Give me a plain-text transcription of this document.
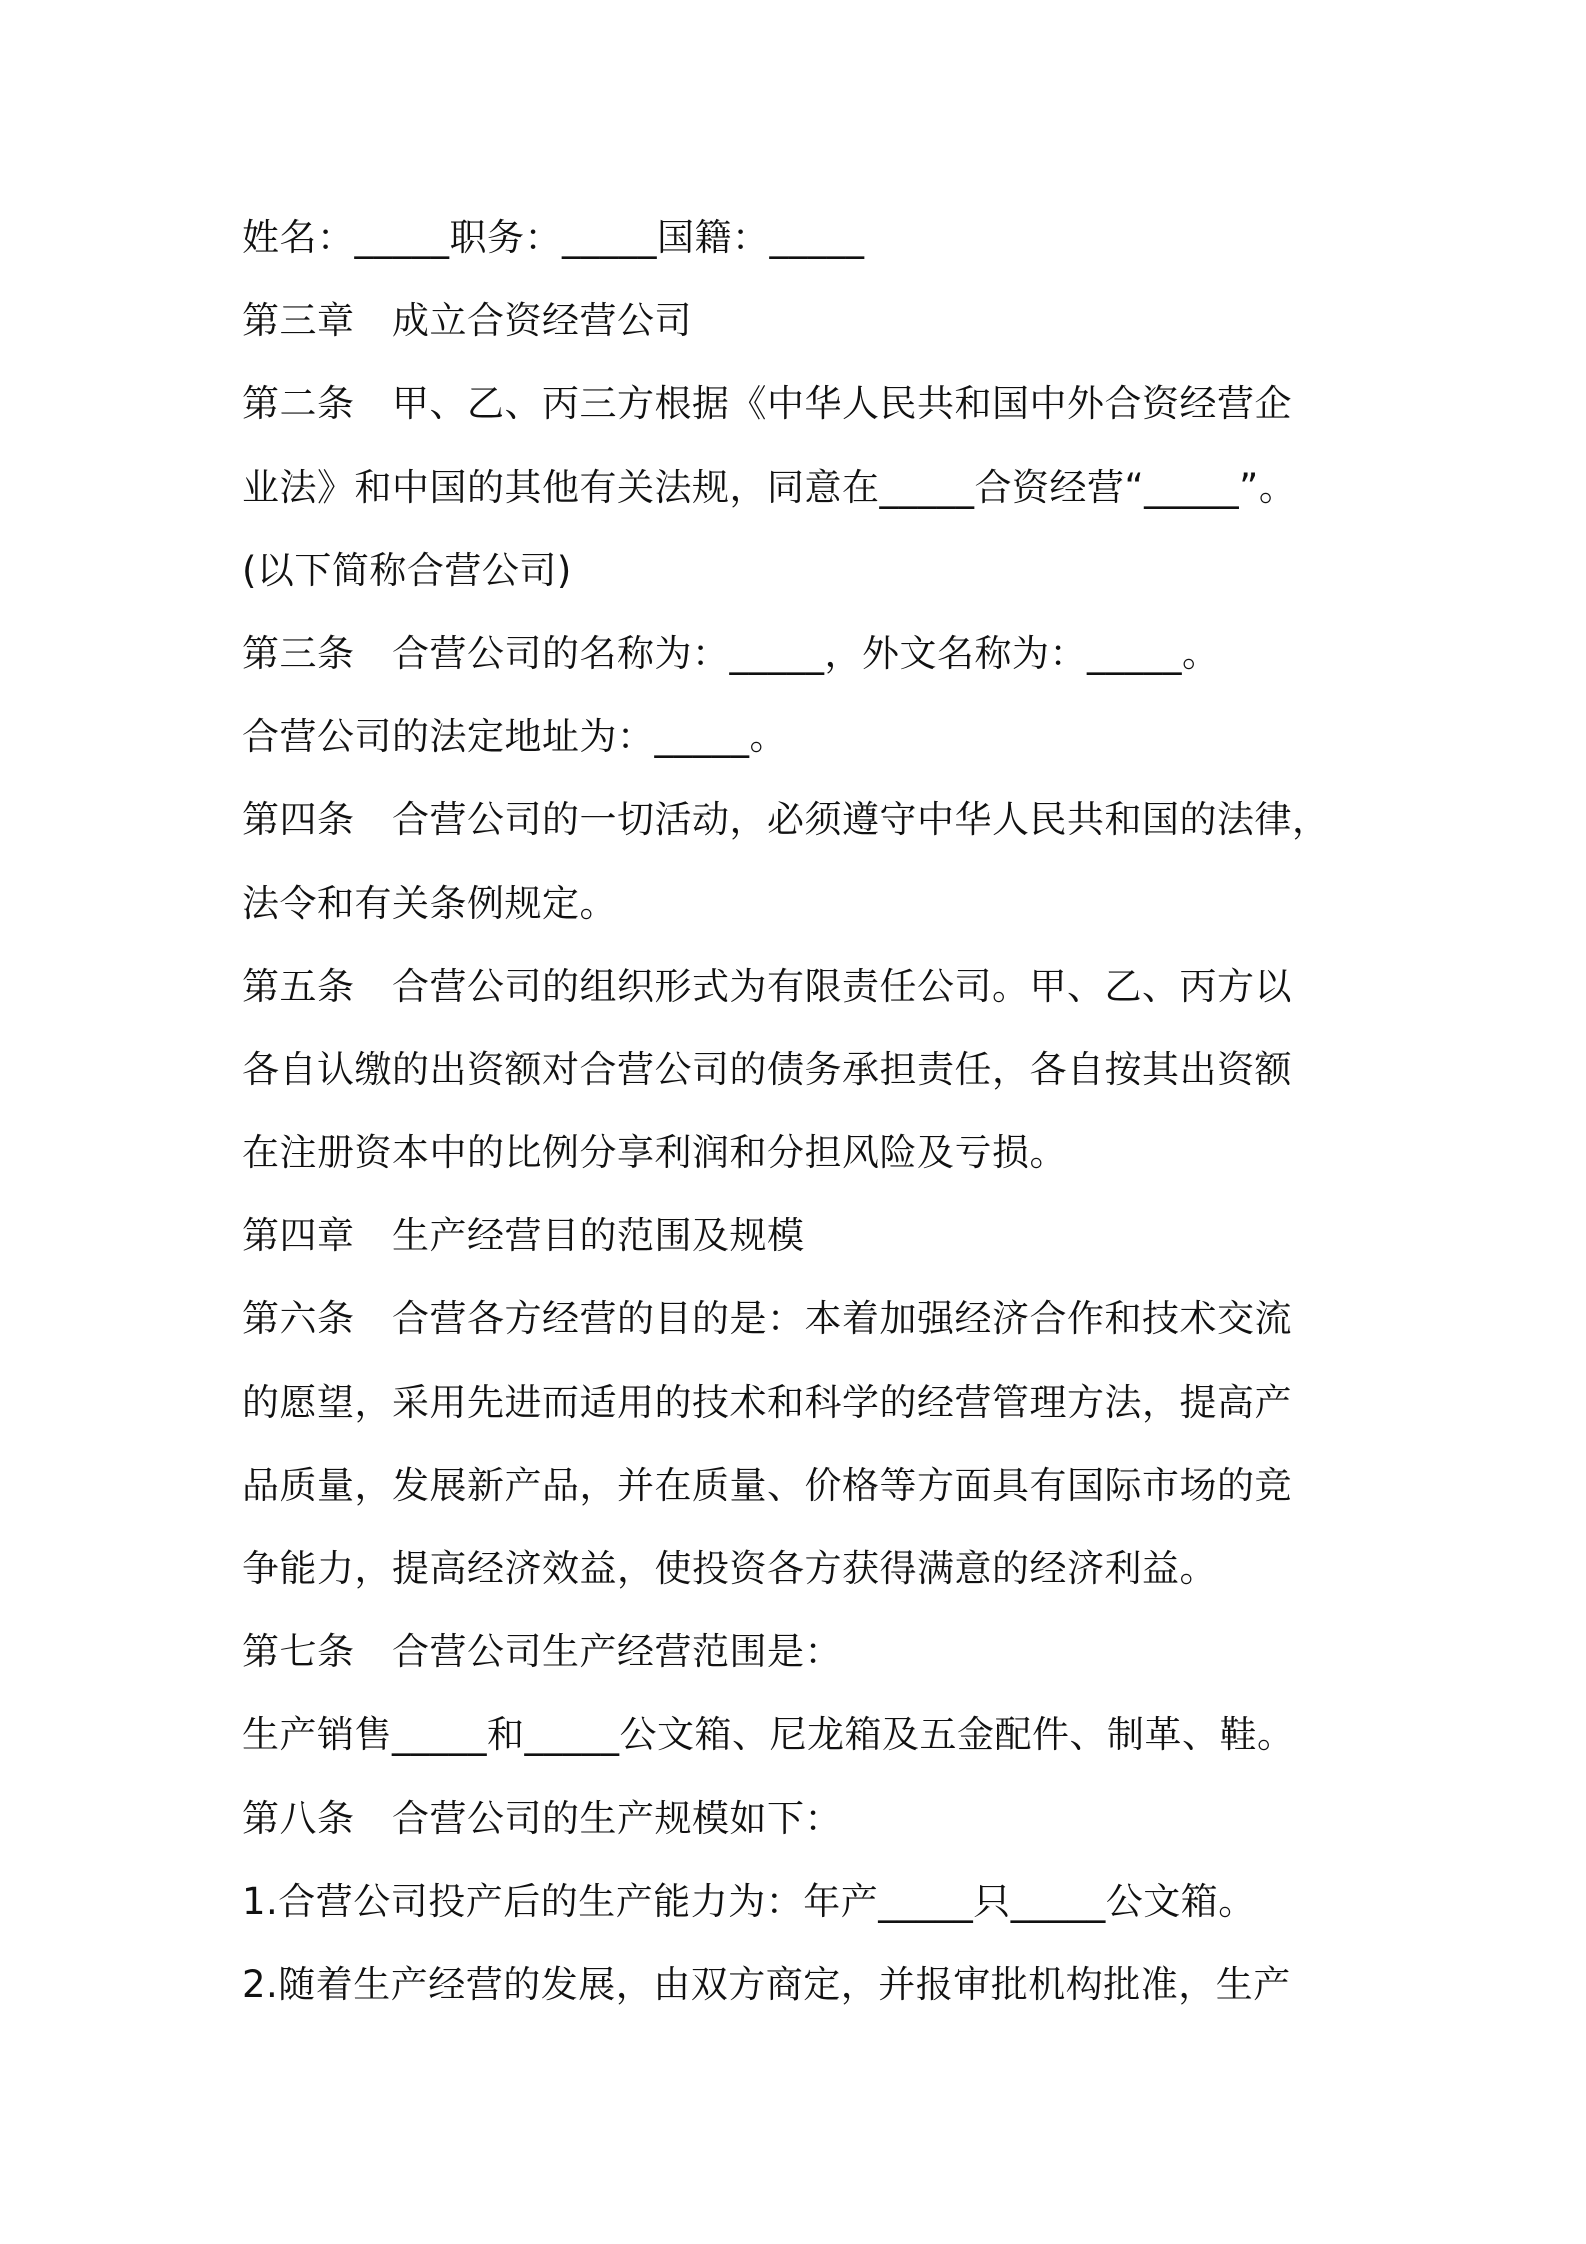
姓名：_____职务：_____国籍：_____
第三章　成立合资经营公司
第二条　甲、乙、丙三方根据《中华人民共和国中外合资经营企
业法》和中国的其他有关法规，同意在_____合资经营“_____”。
(以下简称合营公司)
第三条　合营公司的名称为：_____，外文名称为：_____。
合营公司的法定地址为：_____。
第四条　合营公司的一切活动，必须遵守中华人民共和国的法律，
法令和有关条例规定。
第五条　合营公司的组织形式为有限责任公司。甲、乙、丙方以
各自认缴的出资额对合营公司的债务承担责任，各自按其出资额
在注册资本中的比例分享利润和分担风险及亏损。
第四章　生产经营目的范围及规模
第六条　合营各方经营的目的是：本着加强经济合作和技术交流
的愿望，采用先进而适用的技术和科学的经营管理方法，提高产
品质量，发展新产品，并在质量、价格等方面具有国际市场的竞
争能力，提高经济效益，使投资各方获得满意的经济利益。
第七条　合营公司生产经营范围是：
生产销售_____和_____公文箱、尼龙箱及五金配件、制革、鞋。
第八条　合营公司的生产规模如下：
1.合营公司投产后的生产能力为：年产_____只_____公文箱。
2.随着生产经营的发展，由双方商定，并报审批机构批准，生产
